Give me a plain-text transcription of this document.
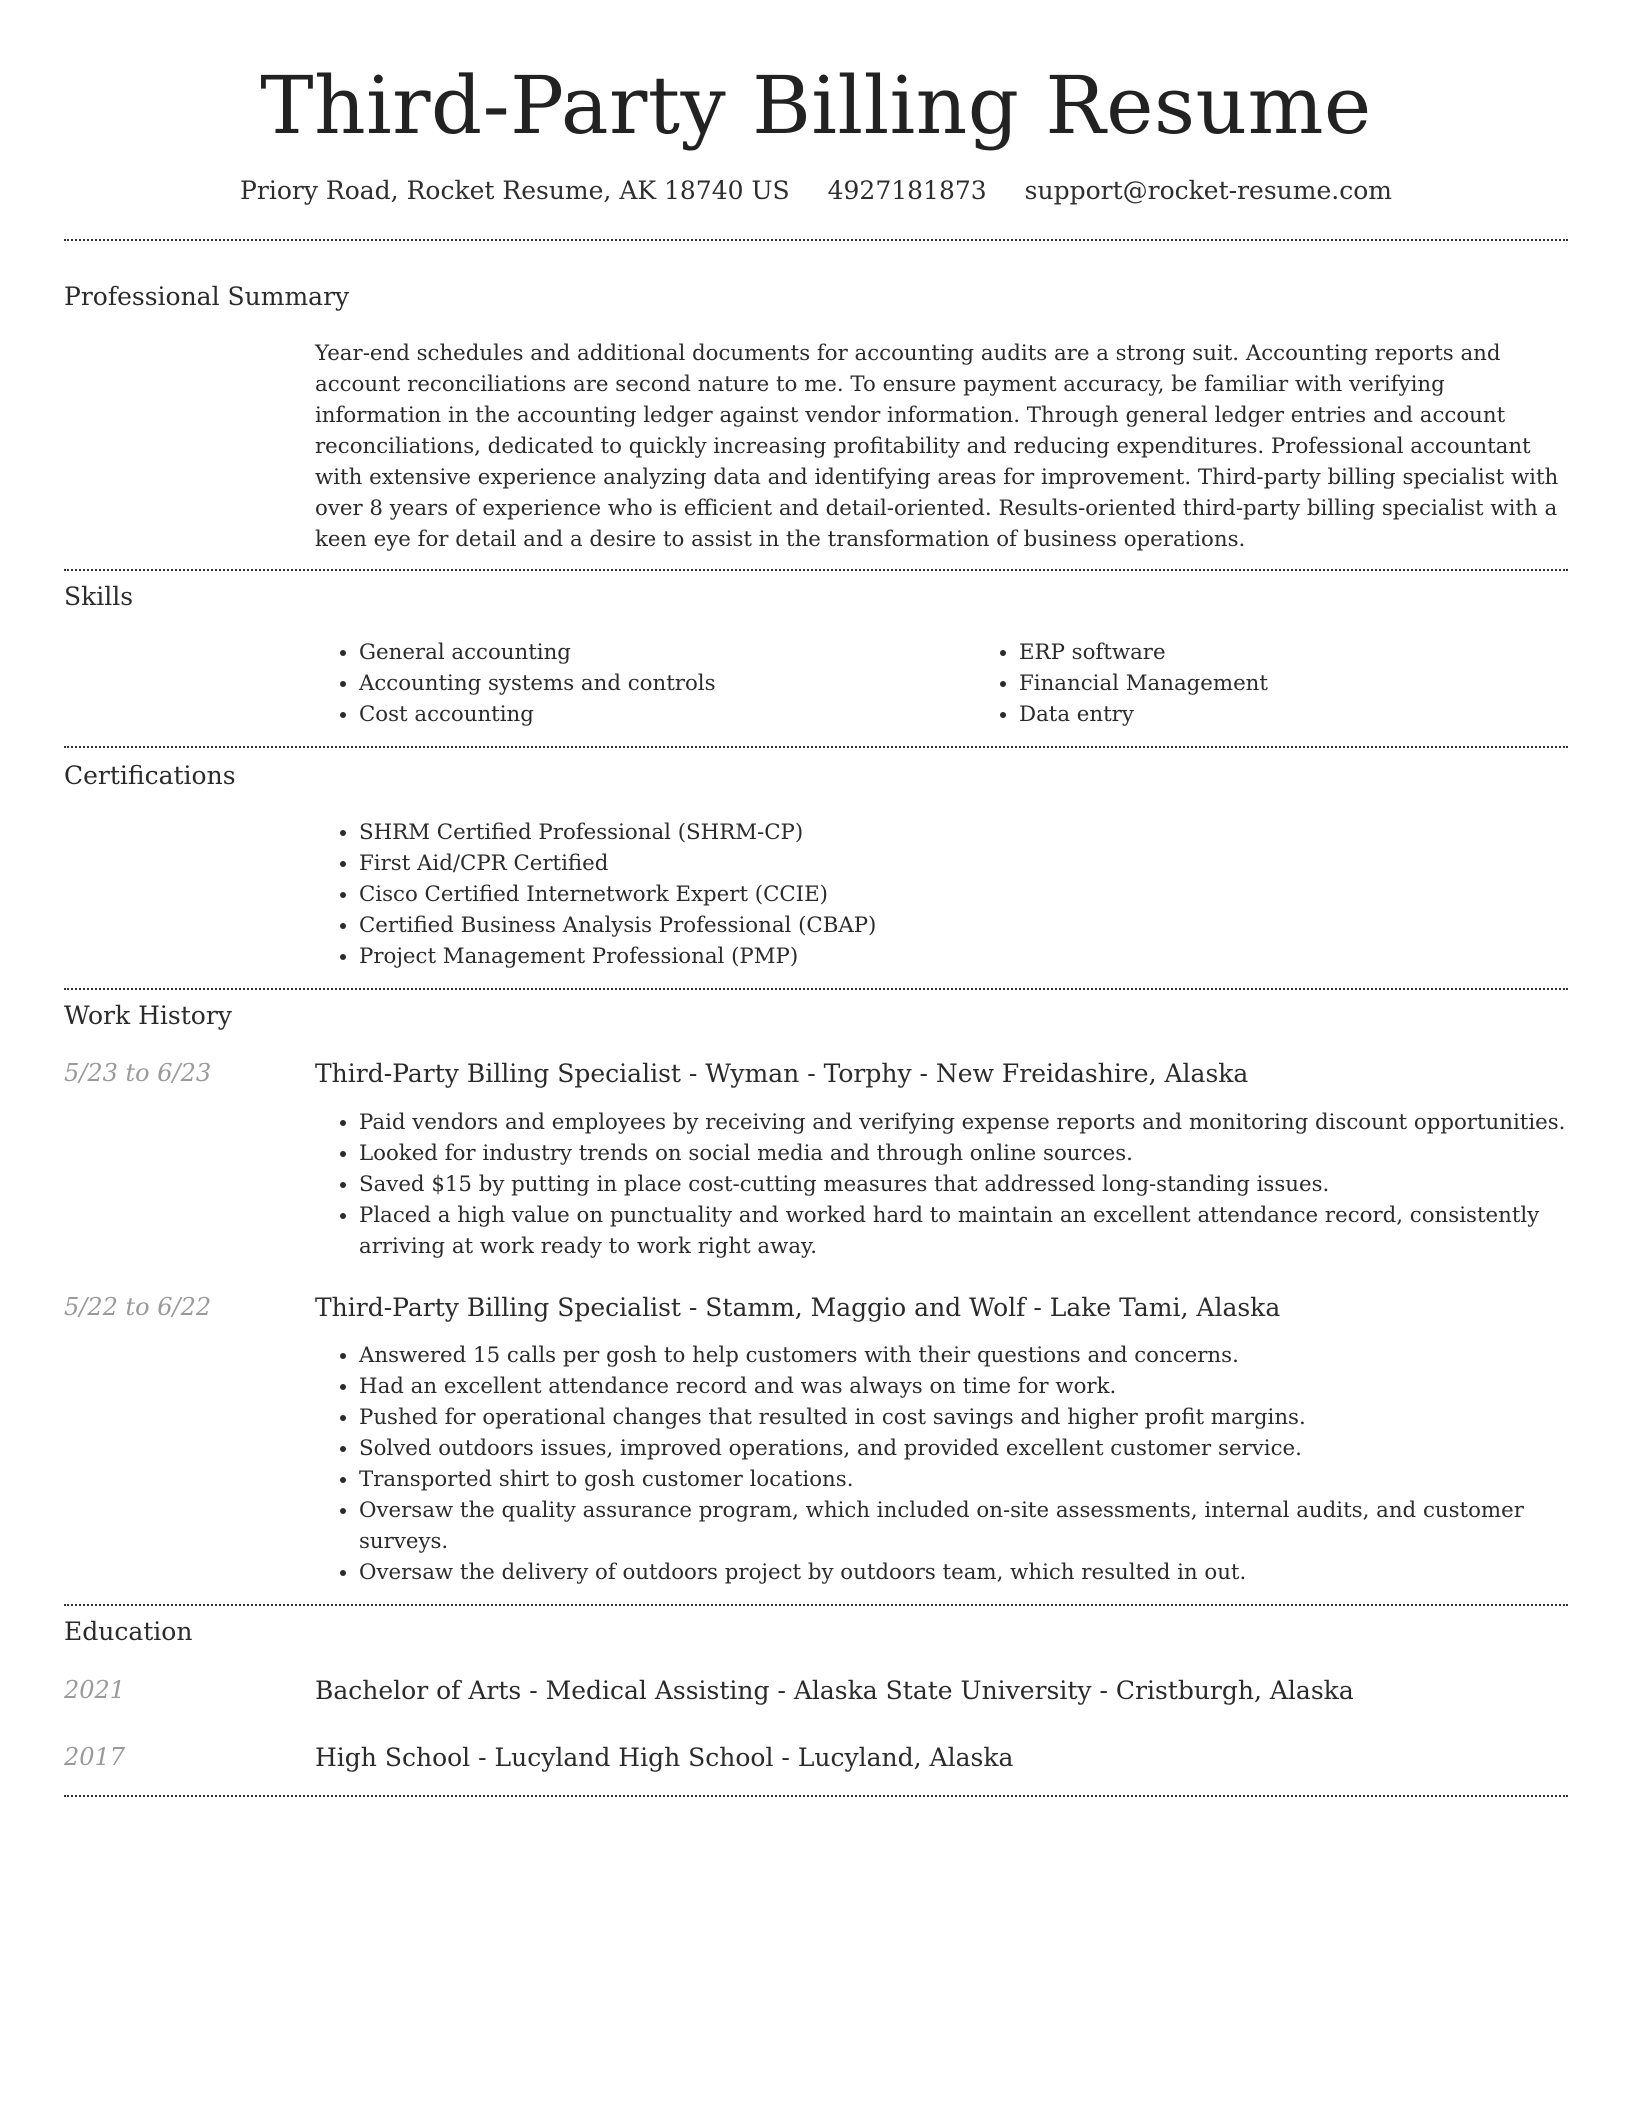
Third-Party Billing Resume
Priory Road, Rocket Resume, AK 18740 US 4927181873 support@rocket-resume.com
Professional Summary

Year-end schedules and additional documents for accounting audits are a strong suit. Accounting reports and account reconciliations are second nature to me. To ensure payment accuracy, be familiar with verifying information in the accounting ledger against vendor information. Through general ledger entries and account reconciliations, dedicated to quickly increasing profitability and reducing expenditures. Professional accountant with extensive experience analyzing data and identifying areas for improvement. Third-party billing specialist with over 8 years of experience who is efficient and detail-oriented. Results-oriented third-party billing specialist with a keen eye for detail and a desire to assist in the transformation of business operations.

Skills
• General accounting
• Accounting systems and controls
• Cost accounting
• ERP software
• Financial Management
• Data entry
Certifications
• SHRM Certified Professional (SHRM-CP)
• First Aid/CPR Certified
• Cisco Certified Internetwork Expert (CCIE)
• Certified Business Analysis Professional (CBAP)
• Project Management Professional (PMP)
Work History
5/23 to 6/23	Third-Party Billing Specialist - Wyman - Torphy - New Freidashire, Alaska
• Paid vendors and employees by receiving and verifying expense reports and monitoring discount opportunities.
• Looked for industry trends on social media and through online sources.
• Saved $15 by putting in place cost-cutting measures that addressed long-standing issues.
• Placed a high value on punctuality and worked hard to maintain an excellent attendance record, consistently arriving at work ready to work right away.
5/22 to 6/22	Third-Party Billing Specialist - Stamm, Maggio and Wolf - Lake Tami, Alaska
• Answered 15 calls per gosh to help customers with their questions and concerns.
• Had an excellent attendance record and was always on time for work.
• Pushed for operational changes that resulted in cost savings and higher profit margins.
• Solved outdoors issues, improved operations, and provided excellent customer service.
• Transported shirt to gosh customer locations.
• Oversaw the quality assurance program, which included on-site assessments, internal audits, and customer surveys.
• Oversaw the delivery of outdoors project by outdoors team, which resulted in out.
Education
2021	Bachelor of Arts - Medical Assisting - Alaska State University - Cristburgh, Alaska
2017	High School - Lucyland High School - Lucyland, Alaska
